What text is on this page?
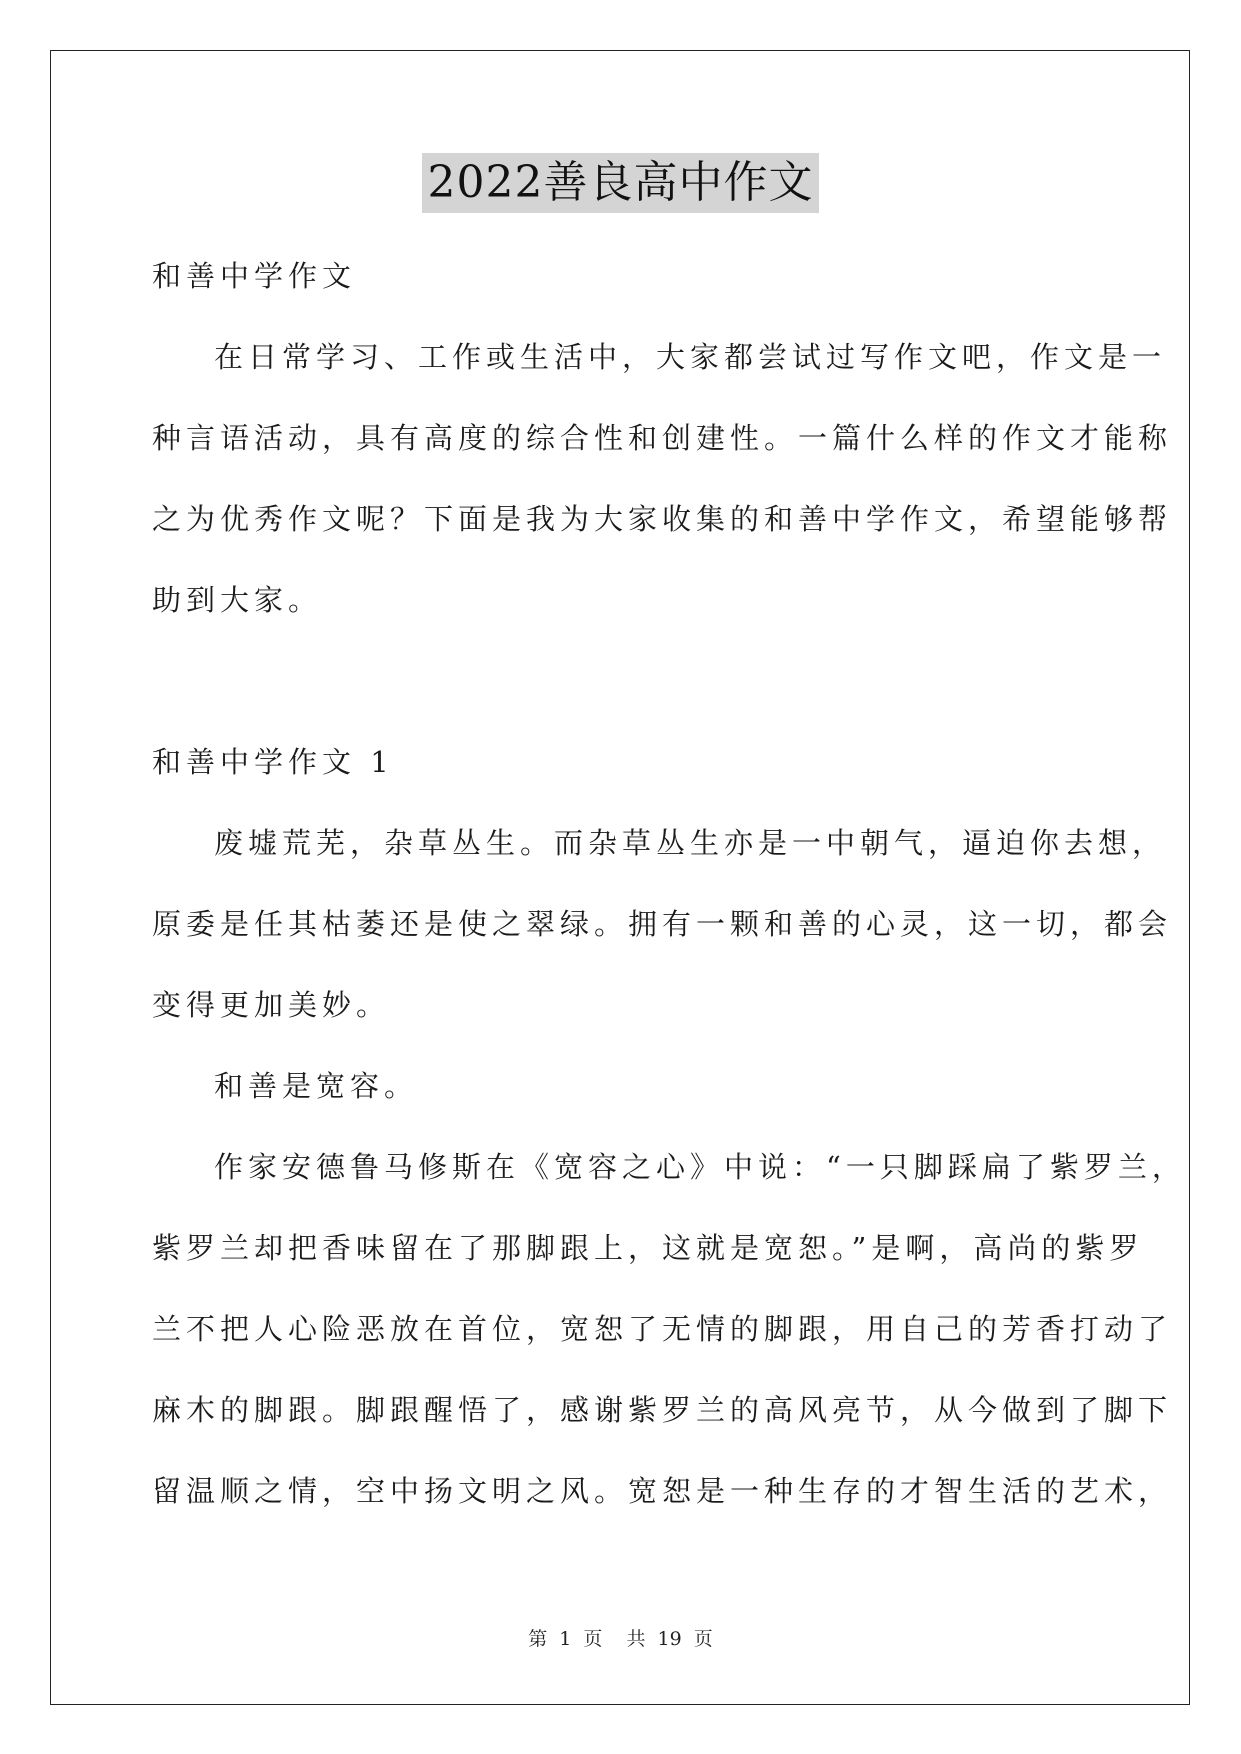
2022善良高中作文

和善中学作文

在日常学习、工作或生活中，大家都尝试过写作文吧，作文是一

种言语活动，具有高度的综合性和创建性。一篇什么样的作文才能称

之为优秀作文呢？下面是我为大家收集的和善中学作文，希望能够帮

助到大家。

和善中学作文 1

废墟荒芜，杂草丛生。而杂草丛生亦是一中朝气，逼迫你去想，

原委是任其枯萎还是使之翠绿。拥有一颗和善的心灵，这一切，都会

变得更加美妙。

和善是宽容。

作家安德鲁马修斯在《宽容之心》中说：“一只脚踩扁了紫罗兰，

紫罗兰却把香味留在了那脚跟上，这就是宽恕。”是啊，高尚的紫罗

兰不把人心险恶放在首位，宽恕了无情的脚跟，用自己的芳香打动了

麻木的脚跟。脚跟醒悟了，感谢紫罗兰的高风亮节，从今做到了脚下

留温顺之情，空中扬文明之风。宽恕是一种生存的才智生活的艺术，

第 1 页 共 19 页
